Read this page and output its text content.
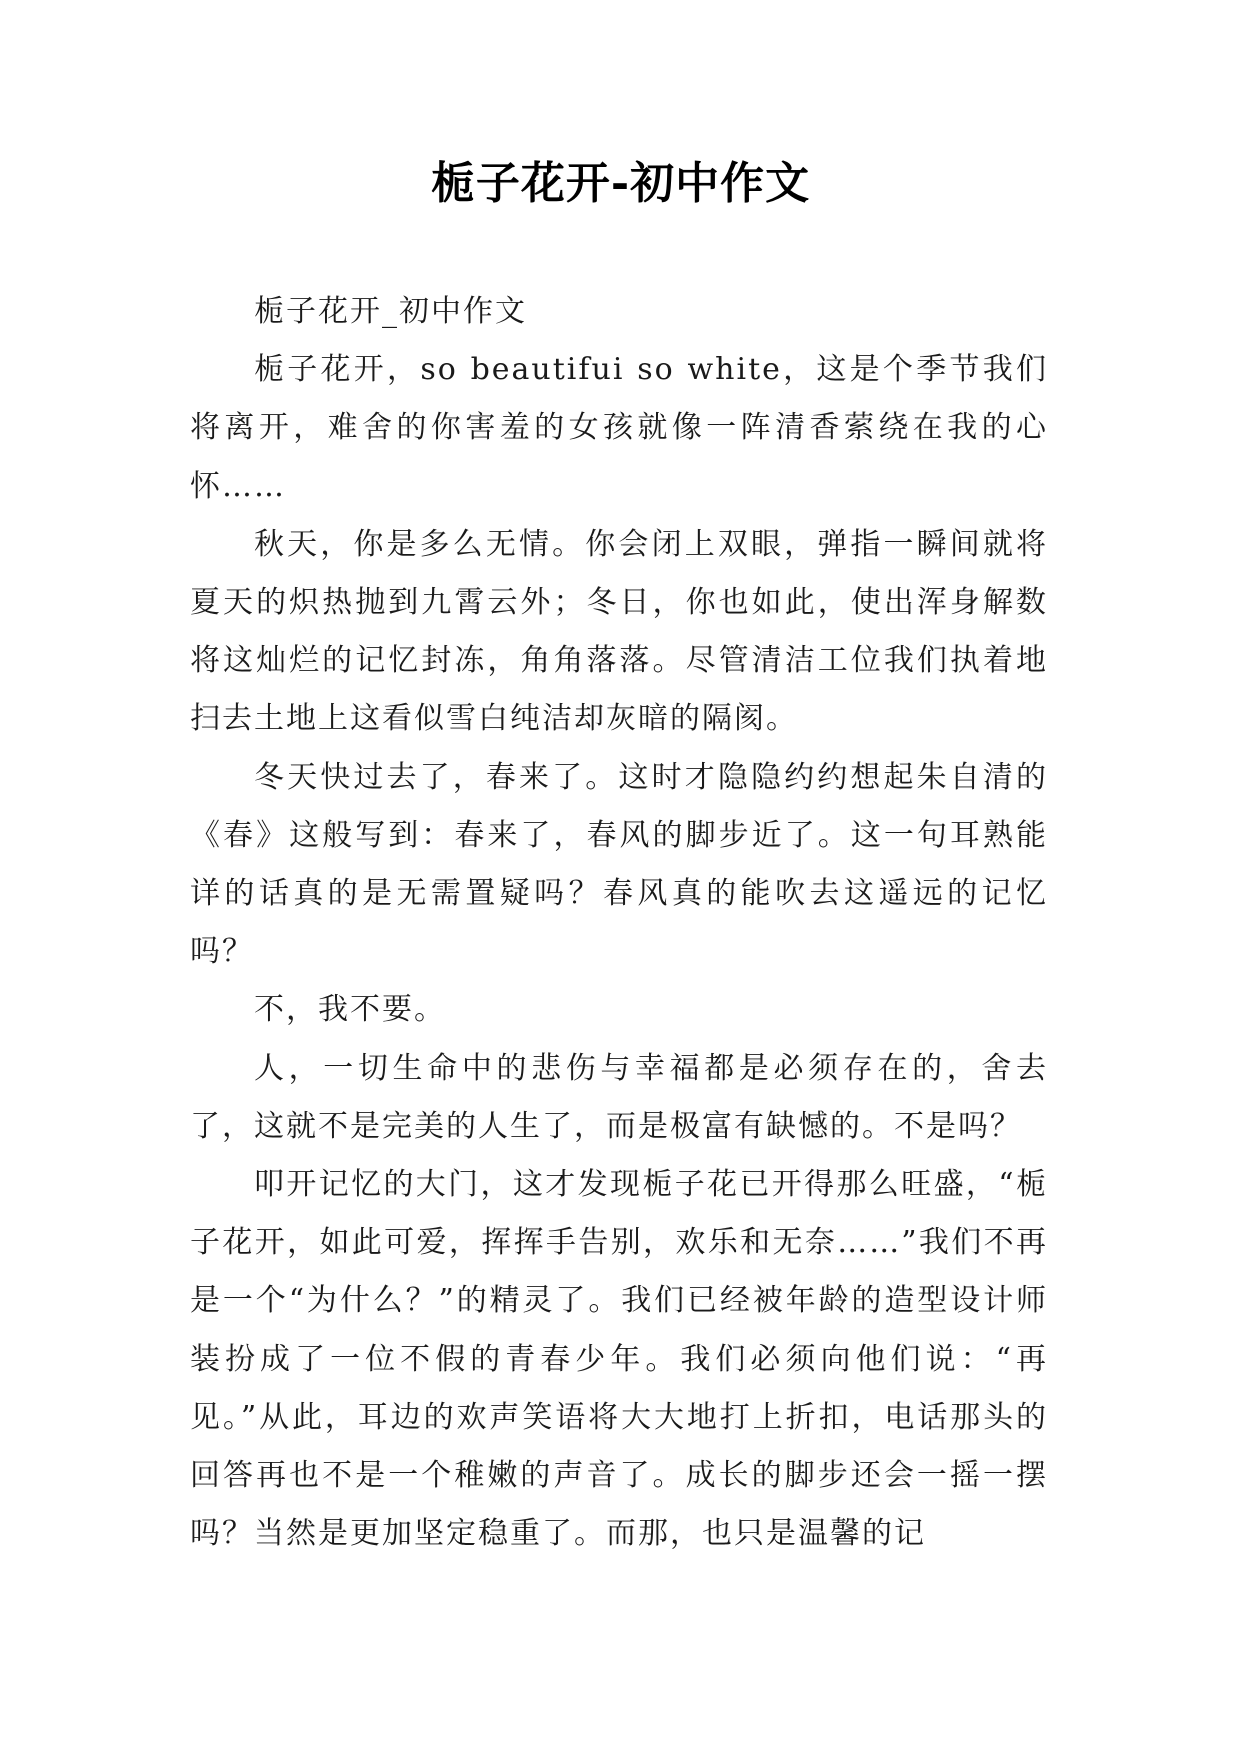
栀子花开-初中作文

栀子花开_初中作文

栀子花开，so beautifui so white，这是个季节我们将离开，难舍的你害羞的女孩就像一阵清香萦绕在我的心怀……

秋天，你是多么无情。你会闭上双眼，弹指一瞬间就将夏天的炽热抛到九霄云外；冬日，你也如此，使出浑身解数将这灿烂的记忆封冻，角角落落。尽管清洁工位我们执着地扫去土地上这看似雪白纯洁却灰暗的隔阂。

冬天快过去了，春来了。这时才隐隐约约想起朱自清的《春》这般写到：春来了，春风的脚步近了。这一句耳熟能详的话真的是无需置疑吗？春风真的能吹去这遥远的记忆吗？

不，我不要。

人，一切生命中的悲伤与幸福都是必须存在的，舍去了，这就不是完美的人生了，而是极富有缺憾的。不是吗？

叩开记忆的大门，这才发现栀子花已开得那么旺盛，“栀子花开，如此可爱，挥挥手告别，欢乐和无奈……”我们不再是一个“为什么？”的精灵了。我们已经被年龄的造型设计师装扮成了一位不假的青春少年。我们必须向他们说：“再见。”从此，耳边的欢声笑语将大大地打上折扣，电话那头的回答再也不是一个稚嫩的声音了。成长的脚步还会一摇一摆吗？当然是更加坚定稳重了。而那，也只是温馨的记
